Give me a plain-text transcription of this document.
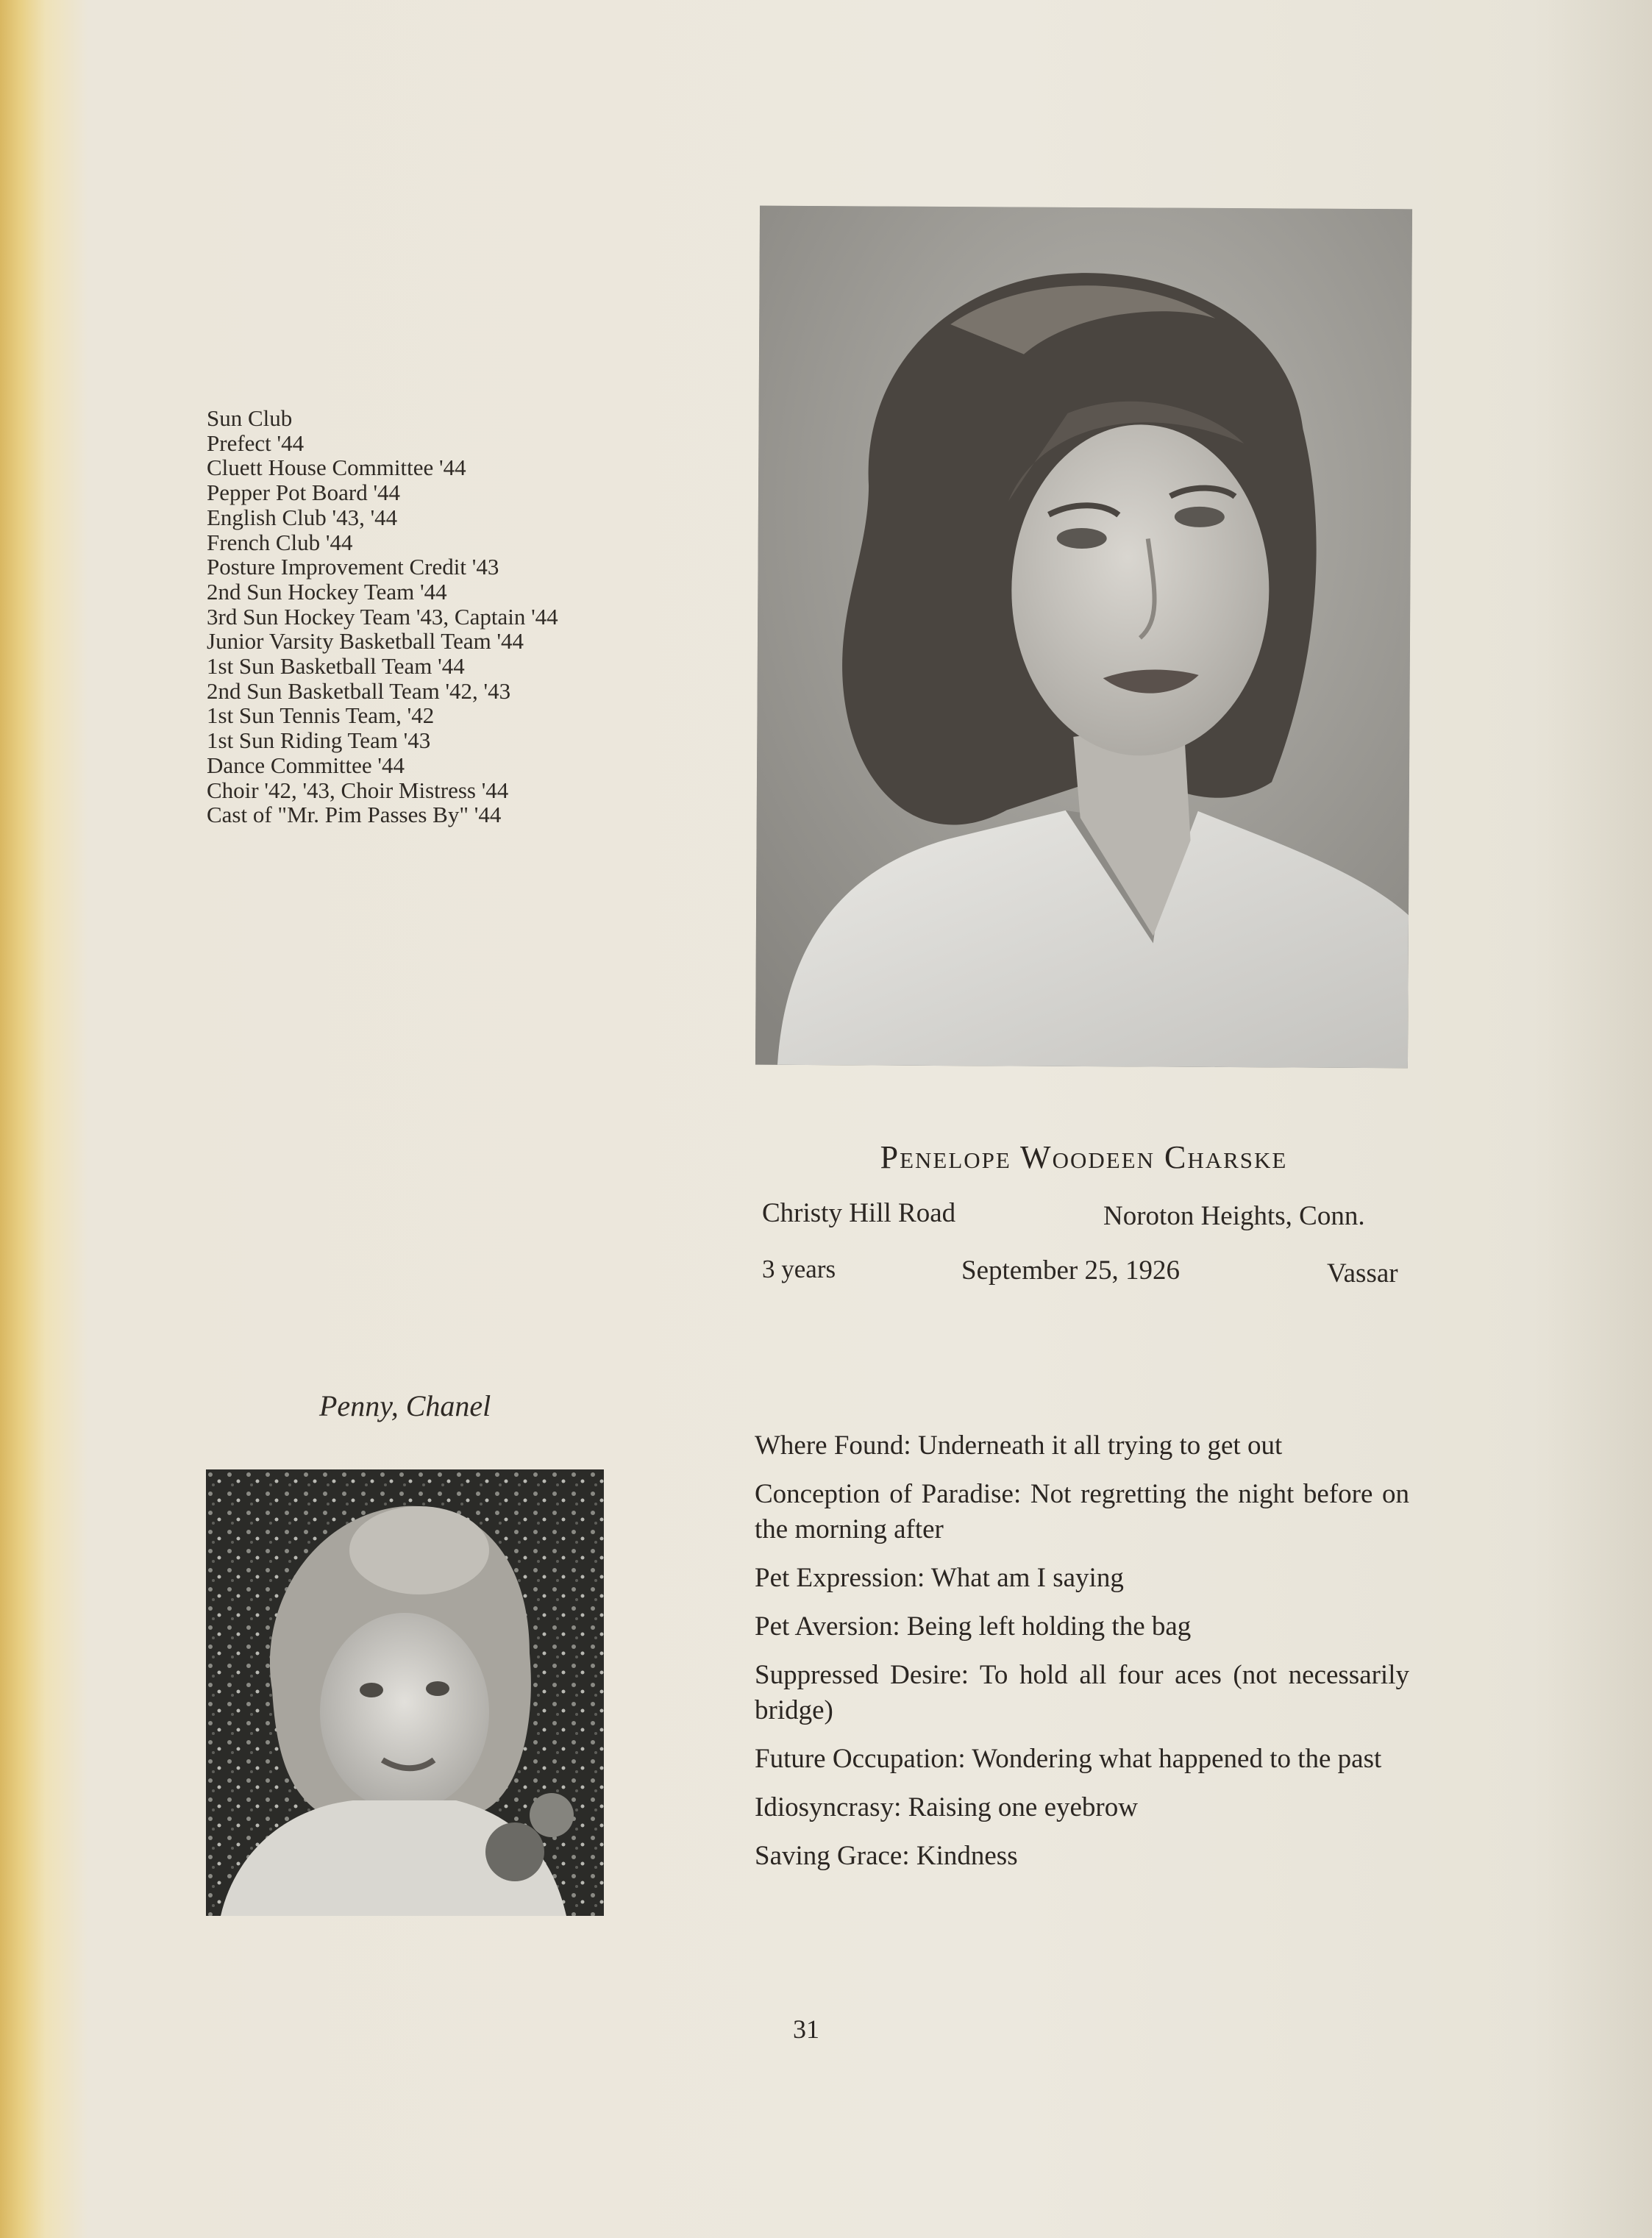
Sun Club
Prefect '44
Cluett House Committee '44
Pepper Pot Board '44
English Club '43, '44
French Club '44
Posture Improvement Credit '43
2nd Sun Hockey Team '44
3rd Sun Hockey Team '43, Captain '44
Junior Varsity Basketball Team '44
1st Sun Basketball Team '44
2nd Sun Basketball Team '42, '43
1st Sun Tennis Team, '42
1st Sun Riding Team '43
Dance Committee '44
Choir '42, '43, Choir Mistress '44
Cast of "Mr. Pim Passes By" '44
Penelope Woodeen Charske
Christy Hill Road	Noroton Heights, Conn.
3 years	September 25, 1926	Vassar
Penny, Chanel
Where Found : Underneath it all trying to get out
Conception of Paradise : Not regretting the night before on the morning after
Pet Expression : What am I saying
Pet Aversion : Being left holding the bag
Suppressed Desire : To hold all four aces (not necessarily bridge)
Future Occupation : Wondering what happened to the past
Idiosyncrasy : Raising one eyebrow
Saving Grace : Kindness
31
